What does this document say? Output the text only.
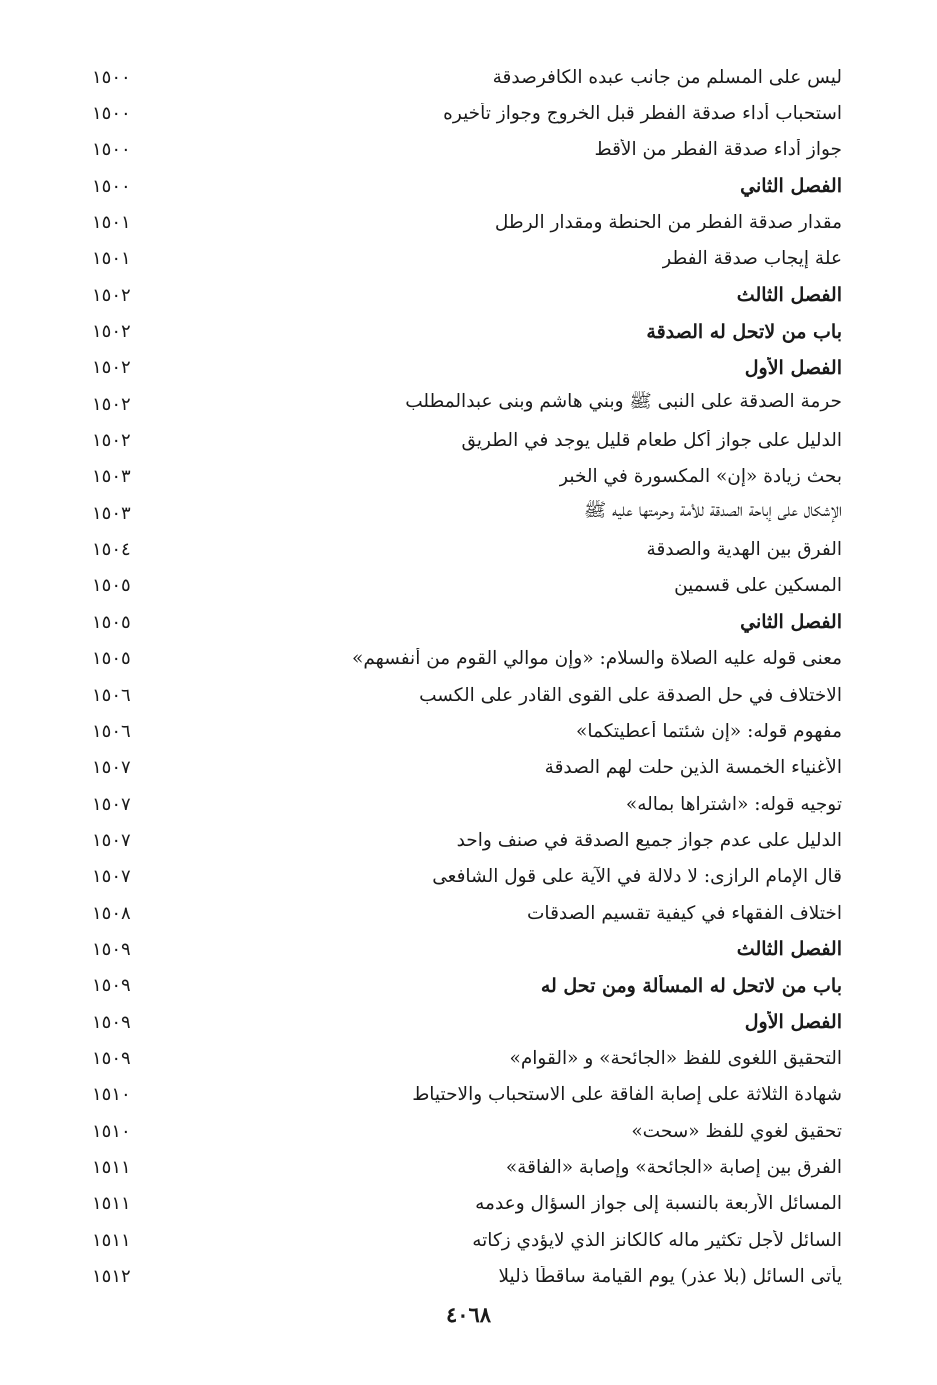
ليس على المسلم من جانب عبده الكافرصدقة
١٥٠٠
استحباب أداء صدقة الفطر قبل الخروج وجواز تأخيره
١٥٠٠
جواز أداء صدقة الفطر من الأقط
١٥٠٠
الفصل الثاني
١٥٠٠
مقدار صدقة الفطر من الحنطة ومقدار الرطل
١٥٠١
علة إيجاب صدقة الفطر
١٥٠١
الفصل الثالث
١٥٠٢
باب من لاتحل له الصدقة
١٥٠٢
الفصل الأول
١٥٠٢
حرمة الصدقة على النبى ﷺ وبني هاشم وبنى عبدالمطلب
١٥٠٢
الدليل على جواز أكل طعام قليل يوجد في الطريق
١٥٠٢
بحث زيادة «إن» المكسورة في الخبر
١٥٠٣
الإشكال على إباحة الصدقة للأمة وحرمتها عليه ﷺ
١٥٠٣
الفرق بين الهدية والصدقة
١٥٠٤
المسكين على قسمين
١٥٠٥
الفصل الثاني
١٥٠٥
معنى قوله عليه الصلاة والسلام: «وإن موالي القوم من أنفسهم»
١٥٠٥
الاختلاف في حل الصدقة على القوى القادر على الكسب
١٥٠٦
مفهوم قوله: «إن شئتما أعطيتكما»
١٥٠٦
الأغنياء الخمسة الذين حلت لهم الصدقة
١٥٠٧
توجيه قوله: «اشتراها بماله»
١٥٠٧
الدليل على عدم جواز جميع الصدقة في صنف واحد
١٥٠٧
قال الإمام الرازى: لا دلالة في الآية على قول الشافعى
١٥٠٧
اختلاف الفقهاء في كيفية تقسيم الصدقات
١٥٠٨
الفصل الثالث
١٥٠٩
باب من لاتحل له المسألة ومن تحل له
١٥٠٩
الفصل الأول
١٥٠٩
التحقيق اللغوى للفظ «الجائحة» و «القوام»
١٥٠٩
شهادة الثلاثة على إصابة الفاقة على الاستحباب والاحتياط
١٥١٠
تحقيق لغوي للفظ «سحت»
١٥١٠
الفرق بين إصابة «الجائحة» وإصابة «الفاقة»
١٥١١
المسائل الأربعة بالنسبة إلى جواز السؤال وعدمه
١٥١١
السائل لأجل تكثير ماله كالكانز الذي لايؤدي زكاته
١٥١١
يأتى السائل (بلا عذر) يوم القيامة ساقطًا ذليلا
١٥١٢
٤٠٦٨
